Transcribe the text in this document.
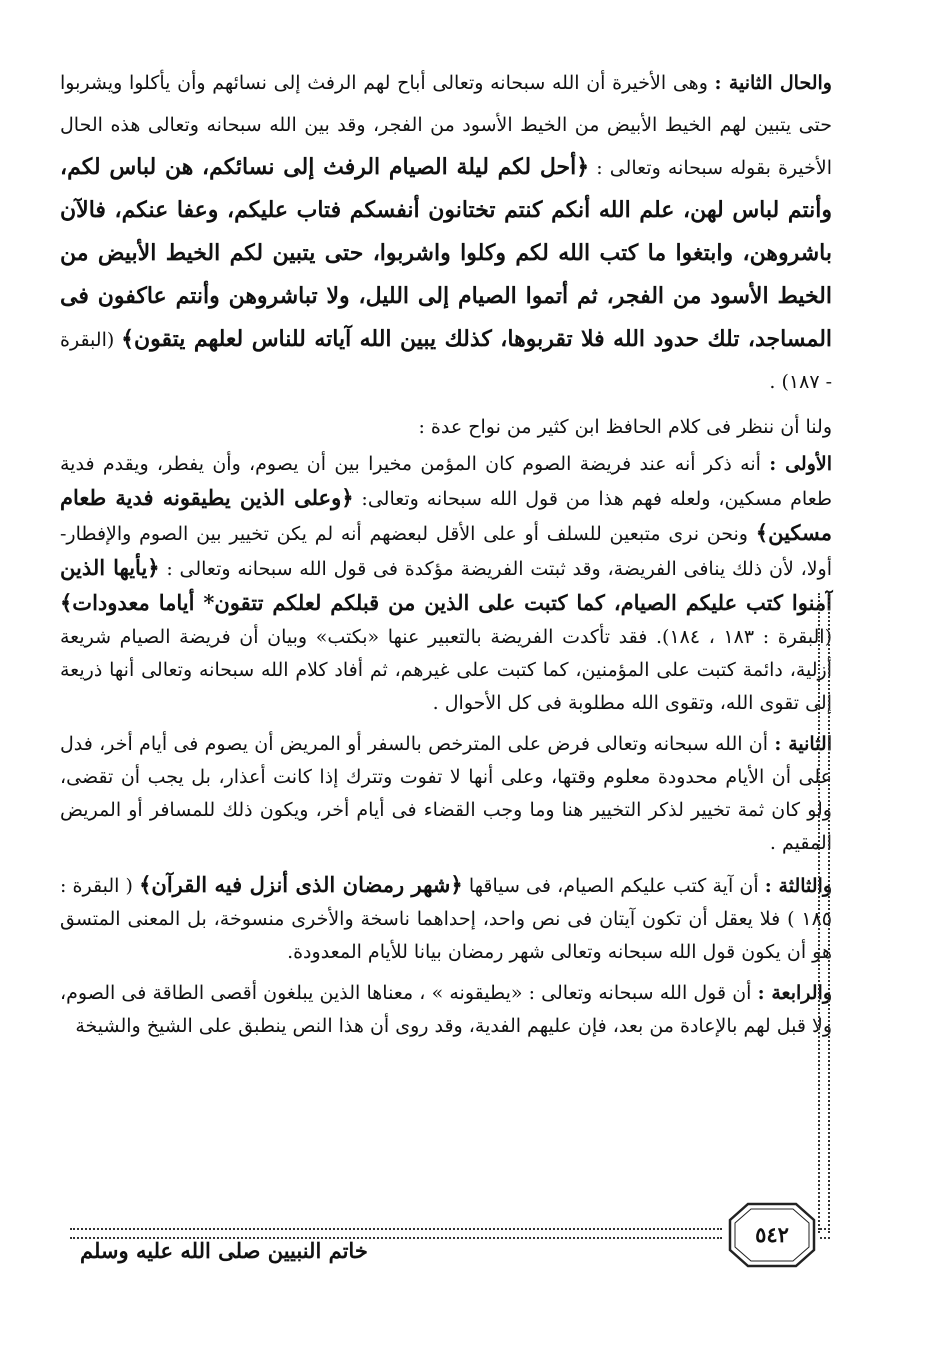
والحال الثانية : وهى الأخيرة أن الله سبحانه وتعالى أباح لهم الرفث إلى نسائهم وأن يأكلوا ويشربوا حتى يتبين لهم الخيط الأبيض من الخيط الأسود من الفجر، وقد بين الله سبحانه وتعالى هذه الحال الأخيرة بقوله سبحانه وتعالى : ﴿أحل لكم ليلة الصيام الرفث إلى نسائكم، هن لباس لكم، وأنتم لباس لهن، علم الله أنكم كنتم تختانون أنفسكم فتاب عليكم، وعفا عنكم، فالآن باشروهن، وابتغوا ما كتب الله لكم وكلوا واشربوا، حتى يتبين لكم الخيط الأبيض من الخيط الأسود من الفجر، ثم أتموا الصيام إلى الليل، ولا تباشروهن وأنتم عاكفون فى المساجد، تلك حدود الله فلا تقربوها، كذلك يبين الله آياته للناس لعلهم يتقون﴾ (البقرة - ١٨٧) .

ولنا أن ننظر فى كلام الحافظ ابن كثير من نواح عدة :

الأولى : أنه ذكر أنه عند فريضة الصوم كان المؤمن مخيرا بين أن يصوم، وأن يفطر، ويقدم فدية طعام مسكين، ولعله فهم هذا من قول الله سبحانه وتعالى: ﴿وعلى الذين يطيقونه فدية طعام مسكين﴾ ونحن نرى متبعين للسلف أو على الأقل لبعضهم أنه لم يكن تخيير بين الصوم والإفطار- أولا، لأن ذلك ينافى الفريضة، وقد ثبتت الفريضة مؤكدة فى قول الله سبحانه وتعالى : ﴿يأيها الذين آمنوا كتب عليكم الصيام، كما كتبت على الذين من قبلكم لعلكم تتقون* أياما معدودات﴾ (البقرة : ١٨٣ ، ١٨٤). فقد تأكدت الفريضة بالتعبير عنها «بكتب» وبيان أن فريضة الصيام شريعة أزلية، دائمة كتبت على المؤمنين، كما كتبت على غيرهم، ثم أفاد كلام الله سبحانه وتعالى أنها ذريعة إلى تقوى الله، وتقوى الله مطلوبة فى كل الأحوال .

الثانية : أن الله سبحانه وتعالى فرض على المترخص بالسفر أو المريض أن يصوم فى أيام أخر، فدل على أن الأيام محدودة معلوم وقتها، وعلى أنها لا تفوت وتترك إذا كانت أعذار، بل يجب أن تقضى، ولو كان ثمة تخيير لذكر التخيير هنا وما وجب القضاء فى أيام أخر، ويكون ذلك للمسافر أو المريض المقيم .

والثالثة : أن آية كتب عليكم الصيام، فى سياقها ﴿شهر رمضان الذى أنزل فيه القرآن﴾ ( البقرة : ١٨٥ ) فلا يعقل أن تكون آيتان فى نص واحد، إحداهما ناسخة والأخرى منسوخة، بل المعنى المتسق هو أن يكون قول الله سبحانه وتعالى شهر رمضان بيانا للأيام المعدودة.

والرابعة : أن قول الله سبحانه وتعالى : «يطيقونه » ، معناها الذين يبلغون أقصى الطاقة فى الصوم، ولا قبل لهم بالإعادة من بعد، فإن عليهم الفدية، وقد روى أن هذا النص ينطبق على الشيخ والشيخة

٥٤٢
خاتم النبيين صلى الله عليه وسلم
